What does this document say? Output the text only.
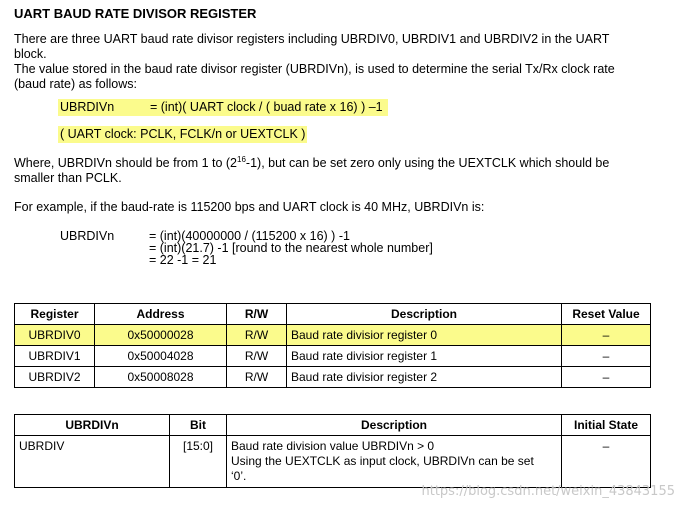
UART BAUD RATE DIVISOR REGISTER
There are three UART baud rate divisor registers including UBRDIV0, UBRDIV1 and UBRDIV2 in the UART
block.
The value stored in the baud rate divisor register (UBRDIVn), is used to determine the serial Tx/Rx clock rate
(baud rate) as follows:
UBRDIVn	= (int)( UART clock / ( buad rate x 16) ) –1
( UART clock: PCLK, FCLK/n or UEXTCLK )
Where, UBRDIVn should be from 1 to $(2^{16}-1)$, but can be set zero only using the UEXTCLK which should be
smaller than PCLK.
For example, if the baud-rate is 115200 bps and UART clock is 40 MHz, UBRDIVn is:
UBRDIVn	= (int)(40000000 / (115200 x 16) ) -1
= (int)(21.7) -1 [round to the nearest whole number]
= 22 -1 = 21
Register	Address	R/W	Description	Reset Value
UBRDIV0	0x50000028	R/W	Baud rate divisior register 0	–
UBRDIV1	0x50004028	R/W	Baud rate divisior register 1	–
UBRDIV2	0x50008028	R/W	Baud rate divisior register 2	–
UBRDIVn	Bit	Description	Initial State
UBRDIV	[15:0]	Baud rate division value UBRDIVn > 0
Using the UEXTCLK as input clock, UBRDIVn can be set
‘0’.	–
https://blog.csdn.net/weixin_43843155
